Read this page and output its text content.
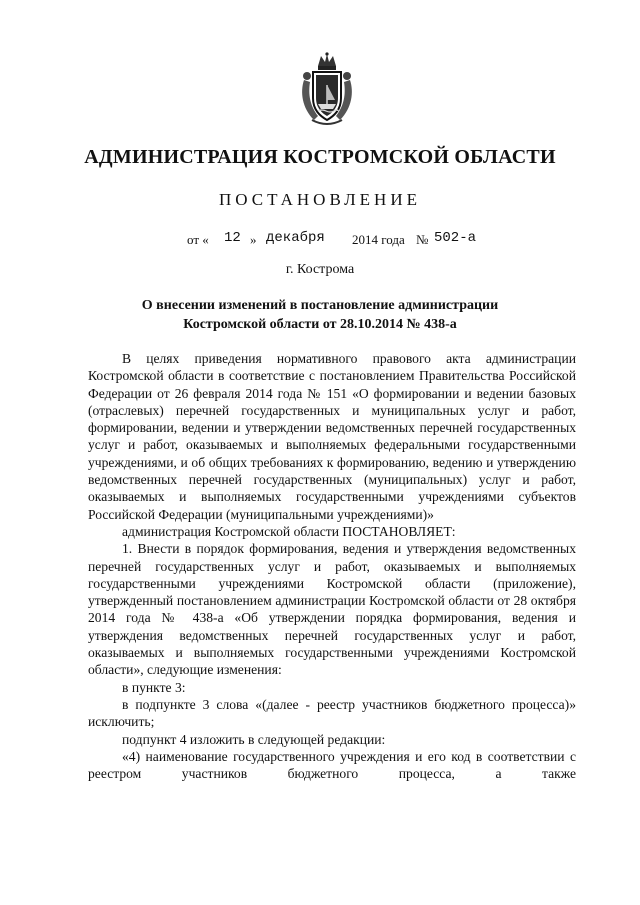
АДМИНИСТРАЦИЯ КОСТРОМСКОЙ ОБЛАСТИ
ПОСТАНОВЛЕНИЕ
от « 12 » декабря 2014 года № 502-а
г. Кострома
О внесении изменений в постановление администрации
Костромской области от 28.10.2014 № 438-а

В целях приведения нормативного правового акта администрации Костромской области в соответствие с постановлением Правительства Российской Федерации от 26 февраля 2014 года № 151 «О формировании и ведении базовых (отраслевых) перечней государственных и муниципальных услуг и работ, формировании, ведении и утверждении ведомственных перечней государственных услуг и работ, оказываемых и выполняемых федеральными государственными учреждениями, и об общих требованиях к формированию, ведению и утверждению ведомственных перечней государственных (муниципальных) услуг и работ, оказываемых и выполняемых государственными учреждениями субъектов Российской Федерации (муниципальными учреждениями)»

администрация Костромской области ПОСТАНОВЛЯЕТ:

1. Внести в порядок формирования, ведения и утверждения ведомственных перечней государственных услуг и работ, оказываемых и выполняемых государственными учреждениями Костромской области (приложение), утвержденный постановлением администрации Костромской области от 28 октября 2014 года № 438-а «Об утверждении порядка формирования, ведения и утверждения ведомственных перечней государственных услуг и работ, оказываемых и выполняемых государственными учреждениями Костромской области», следующие изменения:

в пункте 3:

в подпункте 3 слова «(далее - реестр участников бюджетного процесса)» исключить;

подпункт 4 изложить в следующей редакции:

«4) наименование государственного учреждения и его код в соответствии с реестром участников бюджетного процесса, а также
